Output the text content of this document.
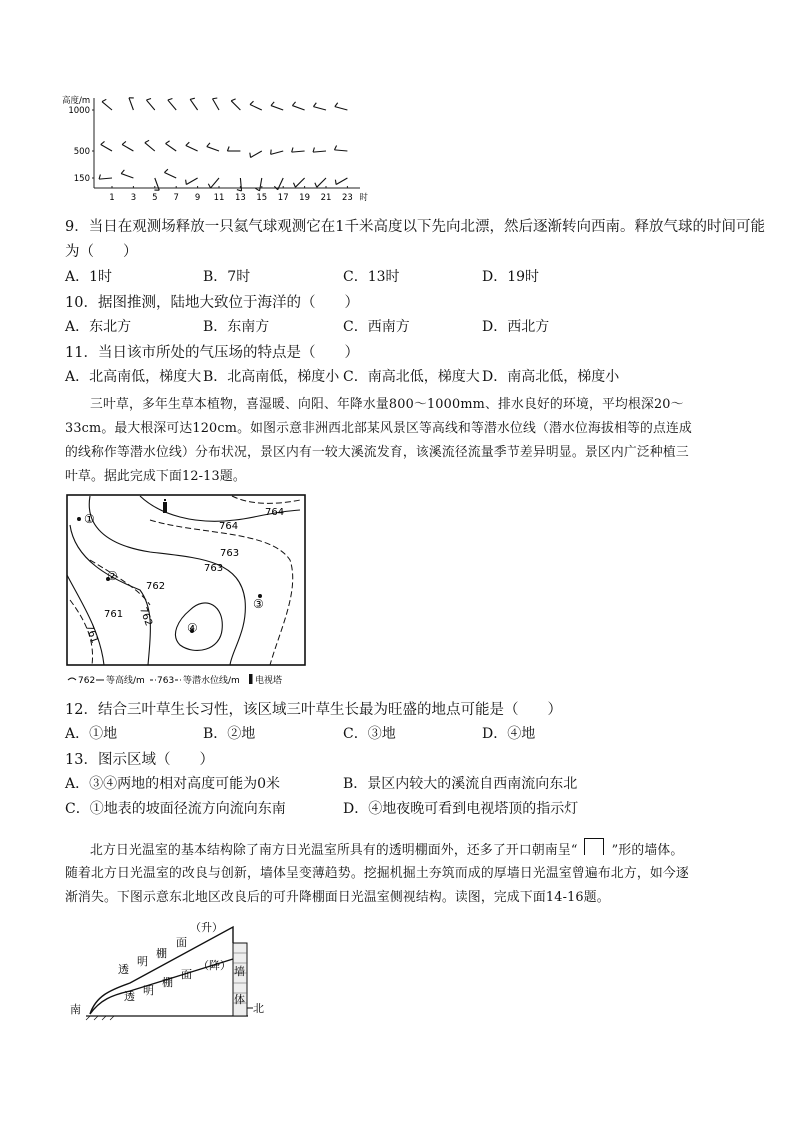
高度/m
1000
500
150
1 3 5 7 9 11 13 15 17 19 21 23 时
9．当日在观测场释放一只氦气球观测它在1千米高度以下先向北漂，然后逐渐转向西南。释放气球的时间可能
为（　　）
A．1时	B．7时	C．13时	D．19时
10．据图推测，陆地大致位于海洋的（　　）
A．东北方	B．东南方	C．西南方	D．西北方
11．当日该市所处的气压场的特点是（　　）
A．北高南低，梯度大 B．北高南低，梯度小 C．南高北低，梯度大 D．南高北低，梯度小
三叶草，多年生草本植物，喜湿暖、向阳、年降水量800～1000mm、排水良好的环境，平均根深20～
33cm。最大根深可达120cm。如图示意非洲西北部某风景区等高线和等潜水位线（潜水位海拔相等的点连成
的线称作等潜水位线）分布状况，景区内有一较大溪流发育，该溪流径流量季节差异明显。景区内广泛种植三
叶草。据此完成下面12-13题。
764
764
763
763
762
762
761
761
①
②
③
④
762 等高线/m 763 等潜水位线/m 电视塔
12．结合三叶草生长习性，该区域三叶草生长最为旺盛的地点可能是（　　）
A．①地	B．②地	C．③地	D．④地
13．图示区域（　　）
A．③④两地的相对高度可能为0米	B．景区内较大的溪流自西南流向东北
C．①地表的坡面径流方向流向东南	D．④地夜晚可看到电视塔顶的指示灯
北方日光温室的基本结构除了南方日光温室所具有的透明棚面外，还多了开口朝南呈“	”形的墙体。
随着北方日光温室的改良与创新，墙体呈变薄趋势。挖掘机掘土夯筑而成的厚墙日光温室曾遍布北方，如今逐
渐消失。下图示意东北地区改良后的可升降棚面日光温室侧视结构。读图，完成下面14-16题。
透
明
棚
面
（升）
透 明
棚
面
（降） 墙
体
南	北
